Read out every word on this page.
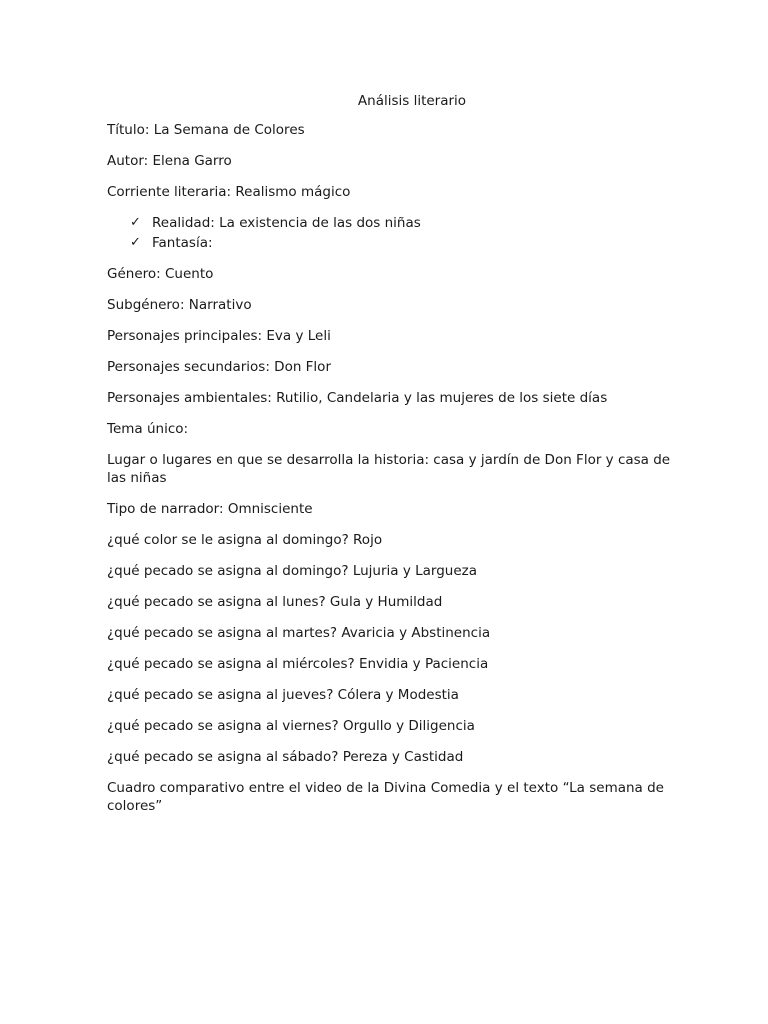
Análisis literario

Título: La Semana de Colores

Autor: Elena Garro

Corriente literaria: Realismo mágico

✓ Realidad: La existencia de las dos niñas
✓ Fantasía:

Género: Cuento

Subgénero: Narrativo

Personajes principales: Eva y Leli

Personajes secundarios: Don Flor

Personajes ambientales: Rutilio, Candelaria y las mujeres de los siete días

Tema único:

Lugar o lugares en que se desarrolla la historia: casa y jardín de Don Flor y casa de las niñas

Tipo de narrador: Omnisciente

¿qué color se le asigna al domingo? Rojo

¿qué pecado se asigna al domingo? Lujuria y Largueza

¿qué pecado se asigna al lunes? Gula y Humildad

¿qué pecado se asigna al martes? Avaricia y Abstinencia

¿qué pecado se asigna al miércoles? Envidia y Paciencia

¿qué pecado se asigna al jueves? Cólera y Modestia

¿qué pecado se asigna al viernes? Orgullo y Diligencia

¿qué pecado se asigna al sábado? Pereza y Castidad

Cuadro comparativo entre el video de la Divina Comedia y el texto “La semana de colores”
